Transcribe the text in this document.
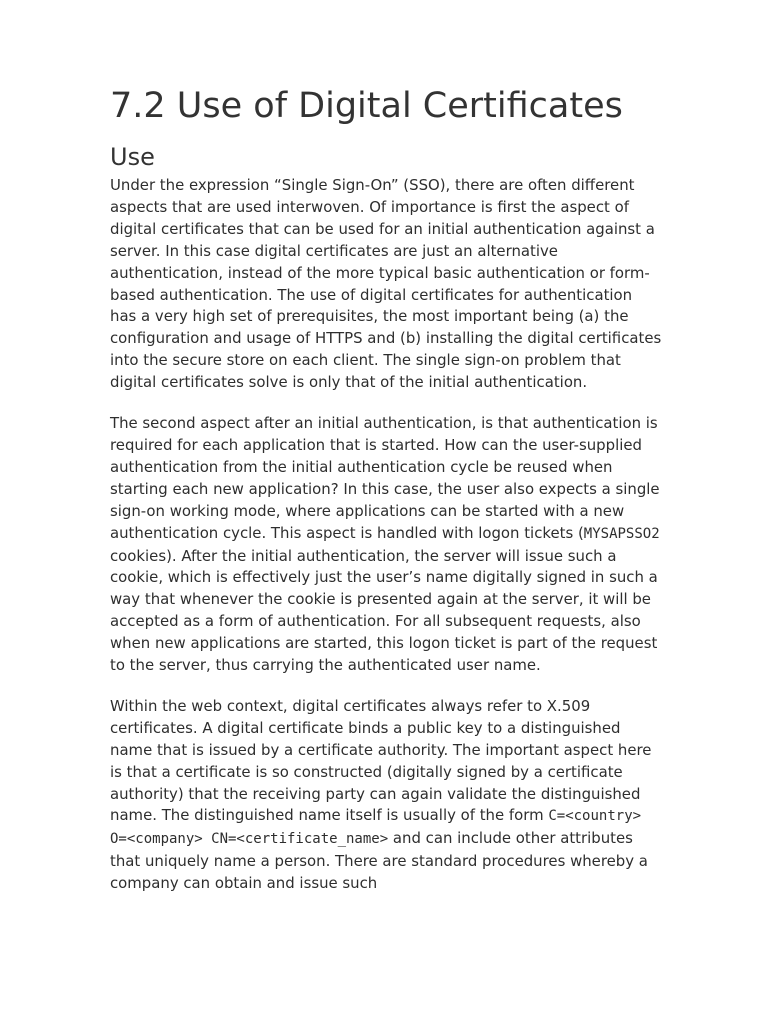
7.2 Use of Digital Certificates
Use

Under the expression “Single Sign-On” (SSO), there are often different aspects that are used interwoven. Of importance is first the aspect of digital certificates that can be used for an initial authentication against a server. In this case digital certificates are just an alternative authentication, instead of the more typical basic authentication or form-based authentication. The use of digital certificates for authentication has a very high set of prerequisites, the most important being (a) the configuration and usage of HTTPS and (b) installing the digital certificates into the secure store on each client. The single sign-on problem that digital certificates solve is only that of the initial authentication.

The second aspect after an initial authentication, is that authentication is required for each application that is started. How can the user-supplied authentication from the initial authentication cycle be reused when starting each new application? In this case, the user also expects a single sign-on working mode, where applications can be started with a new authentication cycle. This aspect is handled with logon tickets (MYSAPSSO2 cookies). After the initial authentication, the server will issue such a cookie, which is effectively just the user’s name digitally signed in such a way that whenever the cookie is presented again at the server, it will be accepted as a form of authentication. For all subsequent requests, also when new applications are started, this logon ticket is part of the request to the server, thus carrying the authenticated user name.

Within the web context, digital certificates always refer to X.509 certificates. A digital certificate binds a public key to a distinguished name that is issued by a certificate authority. The important aspect here is that a certificate is so constructed (digitally signed by a certificate authority) that the receiving party can again validate the distinguished name. The distinguished name itself is usually of the form C=<country> O=<company> CN=<certificate_name> and can include other attributes that uniquely name a person. There are standard procedures whereby a company can obtain and issue such
